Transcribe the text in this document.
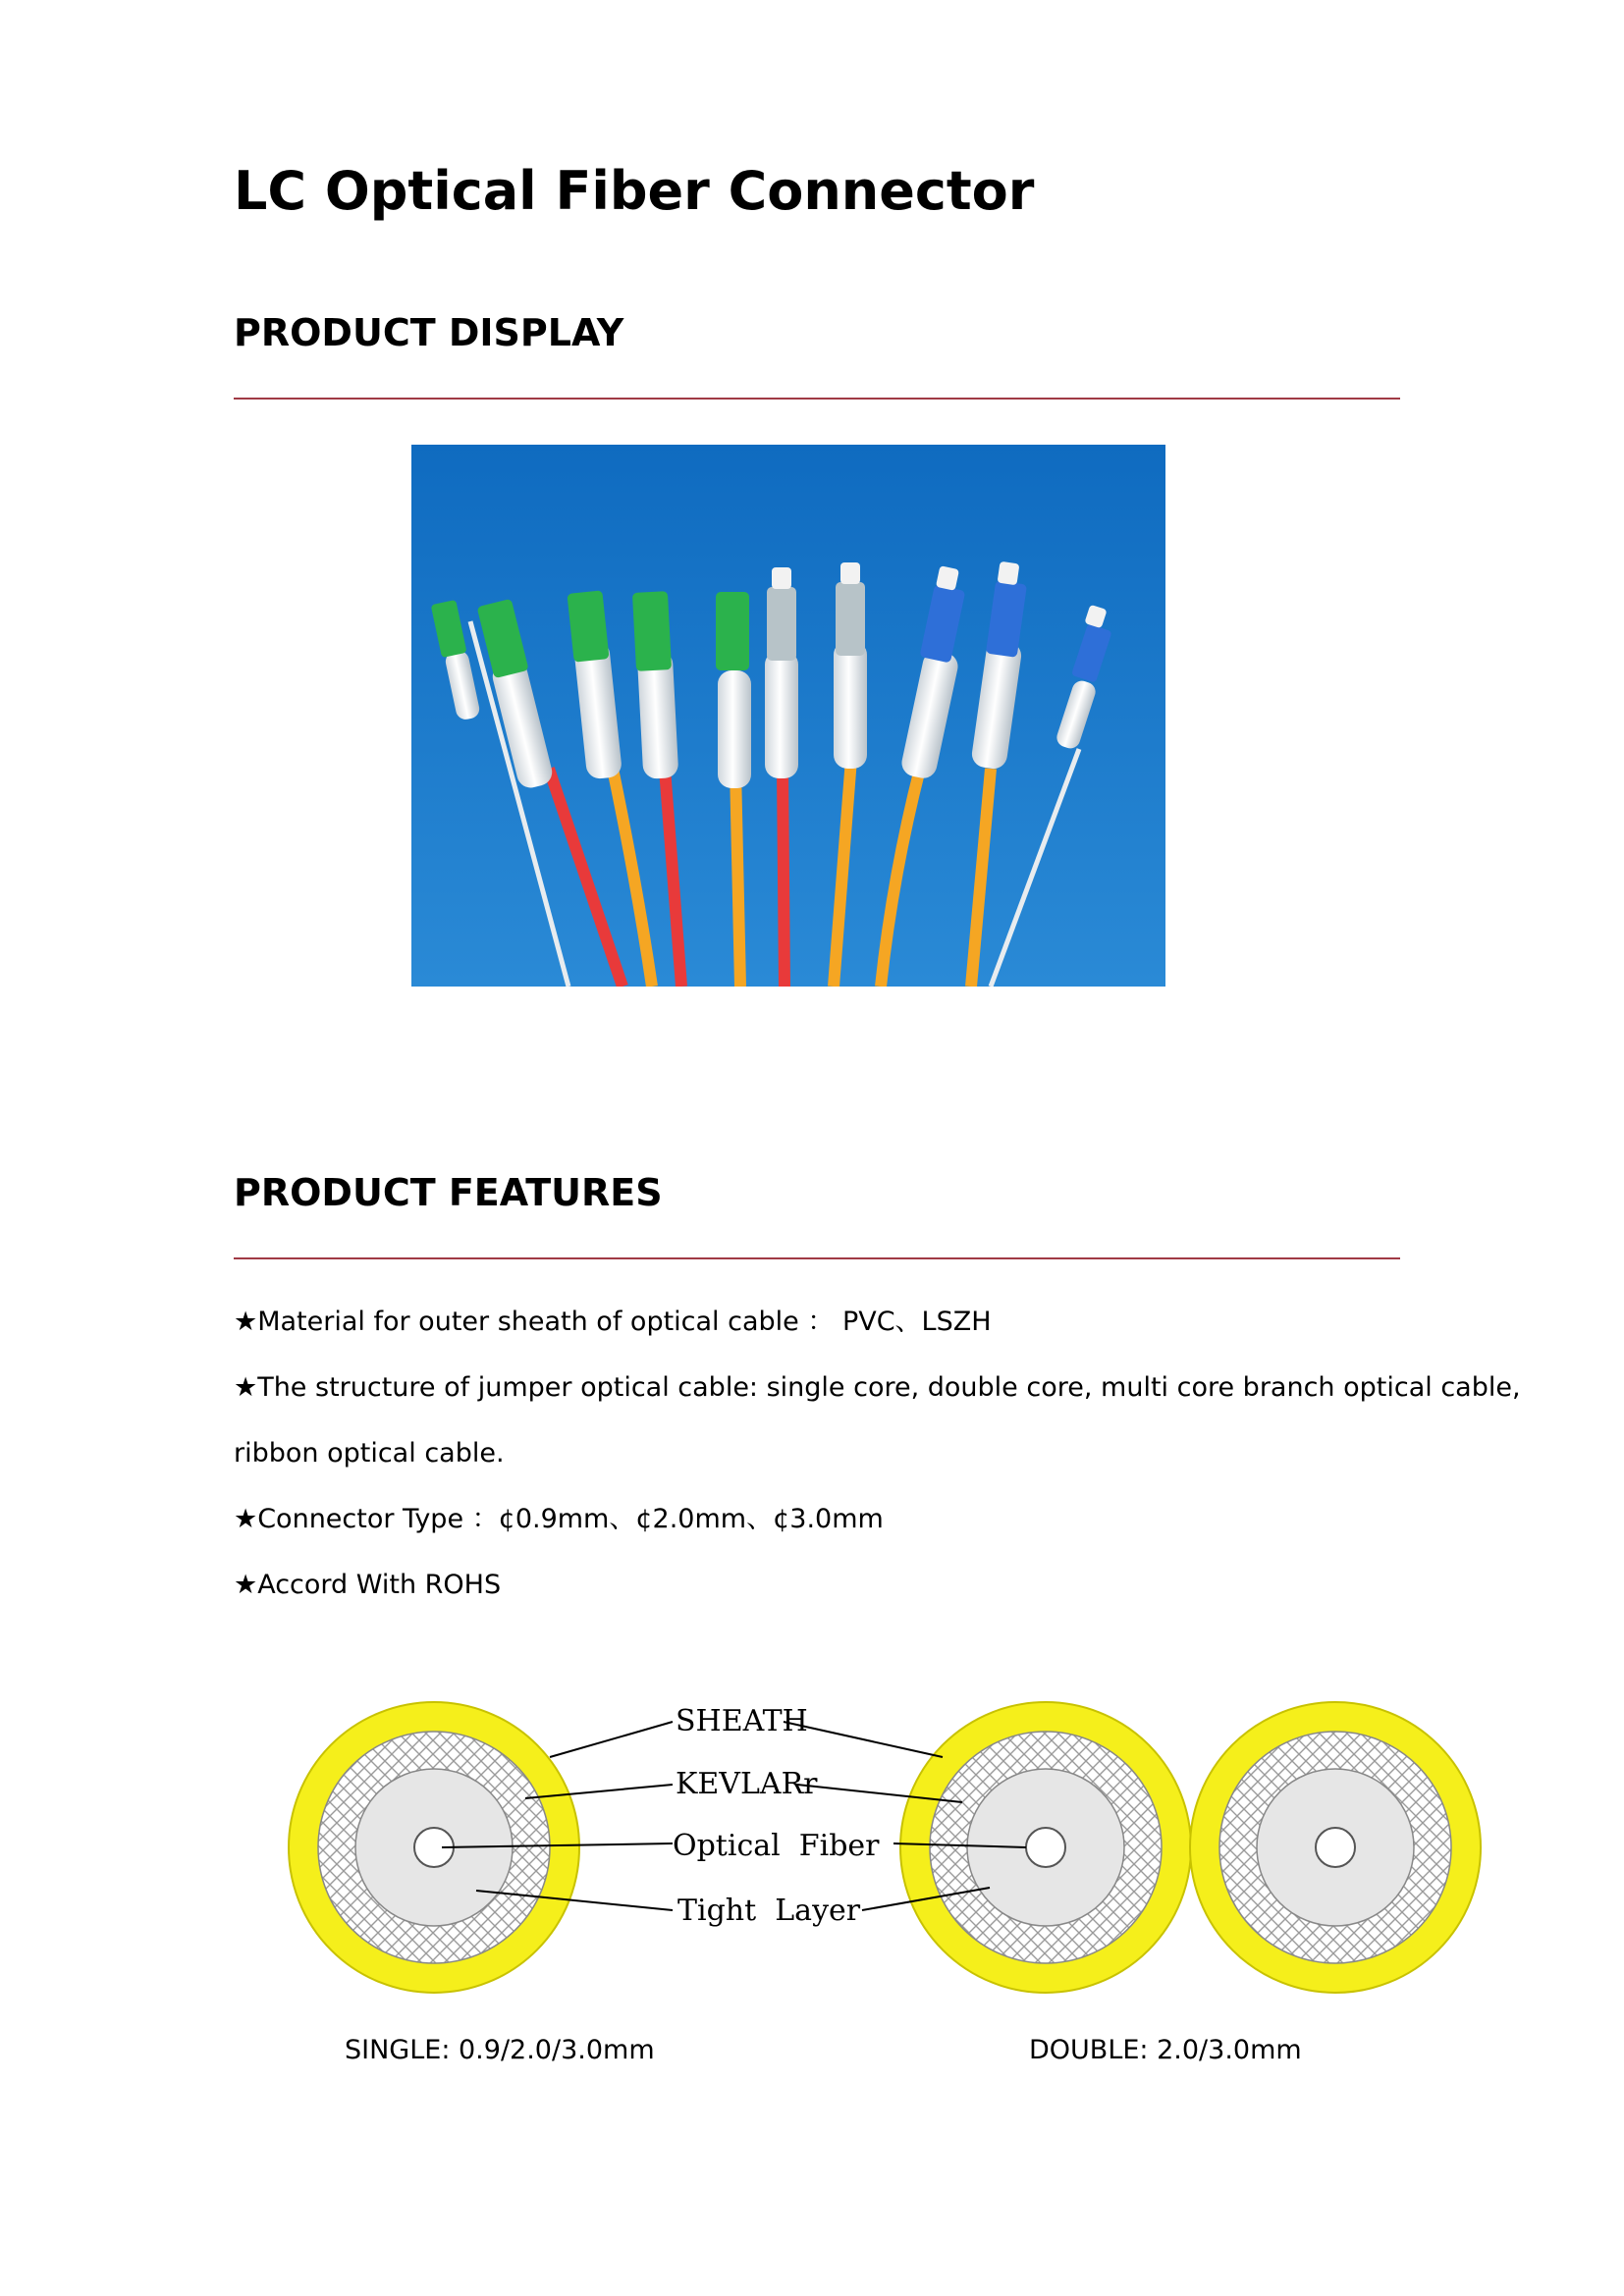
LC Optical Fiber Connector
PRODUCT DISPLAY
PRODUCT FEATURES
★Material for outer sheath of optical cable ： PVC、LSZH
★The structure of jumper optical cable: single core, double core, multi core branch optical cable,
ribbon optical cable.
★Connector Type ：¢0.9mm、¢2.0mm、¢3.0mm
★Accord With ROHS
SHEATH
KEVLARr
Optical  Fiber
Tight  Layer
SINGLE: 0.9/2.0/3.0mm	DOUBLE: 2.0/3.0mm
